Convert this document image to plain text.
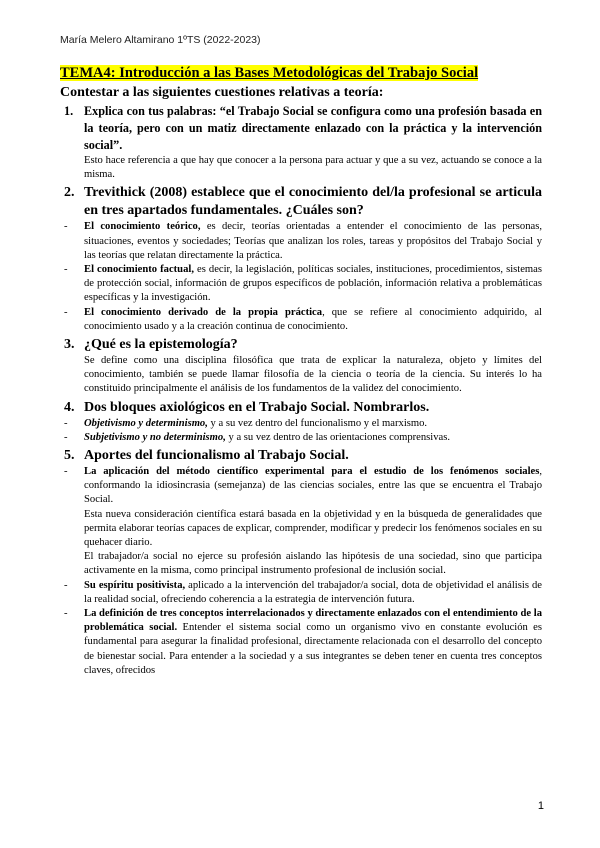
María Melero Altamirano 1ºTS (2022-2023)
TEMA4: Introducción a las Bases Metodológicas del Trabajo Social
Contestar a las siguientes cuestiones relativas a teoría:
1. Explica con tus palabras: “el Trabajo Social se configura como una profesión basada en la teoría, pero con un matiz directamente enlazado con la práctica y la intervención social”.
Esto hace referencia a que hay que conocer a la persona para actuar y que a su vez, actuando se conoce a la misma.
2. Trevithick (2008) establece que el conocimiento del/la profesional se articula en tres apartados fundamentales. ¿Cuáles son?
-	El conocimiento teórico, es decir, teorías orientadas a entender el conocimiento de las personas, situaciones, eventos y sociedades; Teorías que analizan los roles, tareas y propósitos del Trabajo Social y las teorías que relatan directamente la práctica.
-	El conocimiento factual, es decir, la legislación, políticas sociales, instituciones, procedimientos, sistemas de protección social, información de grupos específicos de población, información relativa a problemáticas específicas y la investigación.
-	El conocimiento derivado de la propia práctica, que se refiere al conocimiento adquirido, al conocimiento usado y a la creación continua de conocimiento.
3. ¿Qué es la epistemología?
Se define como una disciplina filosófica que trata de explicar la naturaleza, objeto y límites del conocimiento, también se puede llamar filosofía de la ciencia o teoría de la ciencia. Su interés lo ha constituido principalmente el análisis de los fundamentos de la validez del conocimiento.
4. Dos bloques axiológicos en el Trabajo Social. Nombrarlos.
-	Objetivismo y determinismo, y a su vez dentro del funcionalismo y el marxismo.
-	Subjetivismo y no determinismo, y a su vez dentro de las orientaciones comprensivas.
5. Aportes del funcionalismo al Trabajo Social.
-	La aplicación del método científico experimental para el estudio de los fenómenos sociales, conformando la idiosincrasia (semejanza) de las ciencias sociales, entre las que se encuentra el Trabajo Social.
Esta nueva consideración científica estará basada en la objetividad y en la búsqueda de generalidades que permita elaborar teorías capaces de explicar, comprender, modificar y predecir los fenómenos sociales en su quehacer diario.
El trabajador/a social no ejerce su profesión aislando las hipótesis de una sociedad, sino que participa activamente en la misma, como principal instrumento profesional de inclusión social.
-	Su espíritu positivista, aplicado a la intervención del trabajador/a social, dota de objetividad el análisis de la realidad social, ofreciendo coherencia a la estrategia de intervención futura.
-	La definición de tres conceptos interrelacionados y directamente enlazados con el entendimiento de la problemática social. Entender el sistema social como un organismo vivo en constante evolución es fundamental para asegurar la finalidad profesional, directamente relacionada con el desarrollo del concepto de bienestar social. Para entender a la sociedad y a sus integrantes se deben tener en cuenta tres conceptos claves, ofrecidos
1
